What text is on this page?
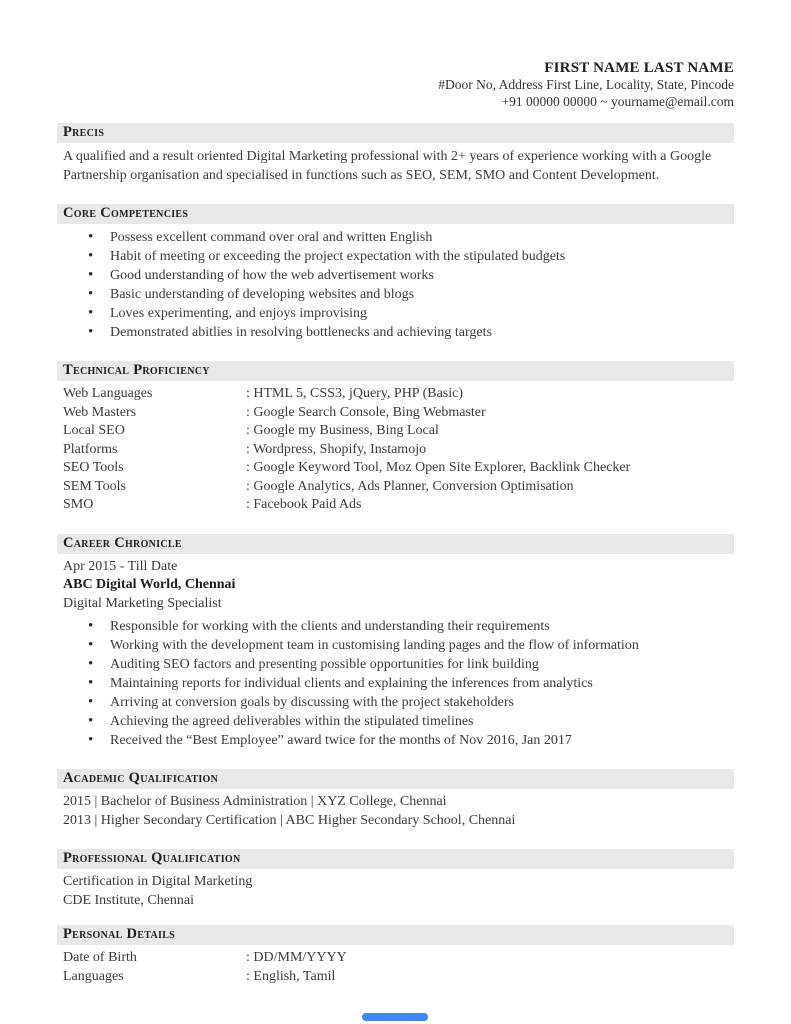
FIRST NAME LAST NAME
#Door No, Address First Line, Locality, State, Pincode
+91 00000 00000 ~ yourname@email.com
Precis
A qualified and a result oriented Digital Marketing professional with 2+ years of experience working with a Google Partnership organisation and specialised in functions such as SEO, SEM, SMO and Content Development.
Core Competencies
• Possess excellent command over oral and written English
• Habit of meeting or exceeding the project expectation with the stipulated budgets
• Good understanding of how the web advertisement works
• Basic understanding of developing websites and blogs
• Loves experimenting, and enjoys improvising
• Demonstrated abitlies in resolving bottlenecks and achieving targets
Technical Proficiency
Web Languages	: HTML 5, CSS3, jQuery, PHP (Basic)
Web Masters	: Google Search Console, Bing Webmaster
Local SEO	: Google my Business, Bing Local
Platforms	: Wordpress, Shopify, Instamojo
SEO Tools	: Google Keyword Tool, Moz Open Site Explorer, Backlink Checker
SEM Tools	: Google Analytics, Ads Planner, Conversion Optimisation
SMO	: Facebook Paid Ads
Career Chronicle
Apr 2015 - Till Date
ABC Digital World, Chennai
Digital Marketing Specialist
• Responsible for working with the clients and understanding their requirements
• Working with the development team in customising landing pages and the flow of information
• Auditing SEO factors and presenting possible opportunities for link building
• Maintaining reports for individual clients and explaining the inferences from analytics
• Arriving at conversion goals by discussing with the project stakeholders
• Achieving the agreed deliverables within the stipulated timelines
• Received the “Best Employee” award twice for the months of Nov 2016, Jan 2017
Academic Qualification
2015 | Bachelor of Business Administration | XYZ College, Chennai
2013 | Higher Secondary Certification | ABC Higher Secondary School, Chennai
Professional Qualification
Certification in Digital Marketing
CDE Institute, Chennai
Personal Details
Date of Birth	: DD/MM/YYYY
Languages	: English, Tamil
